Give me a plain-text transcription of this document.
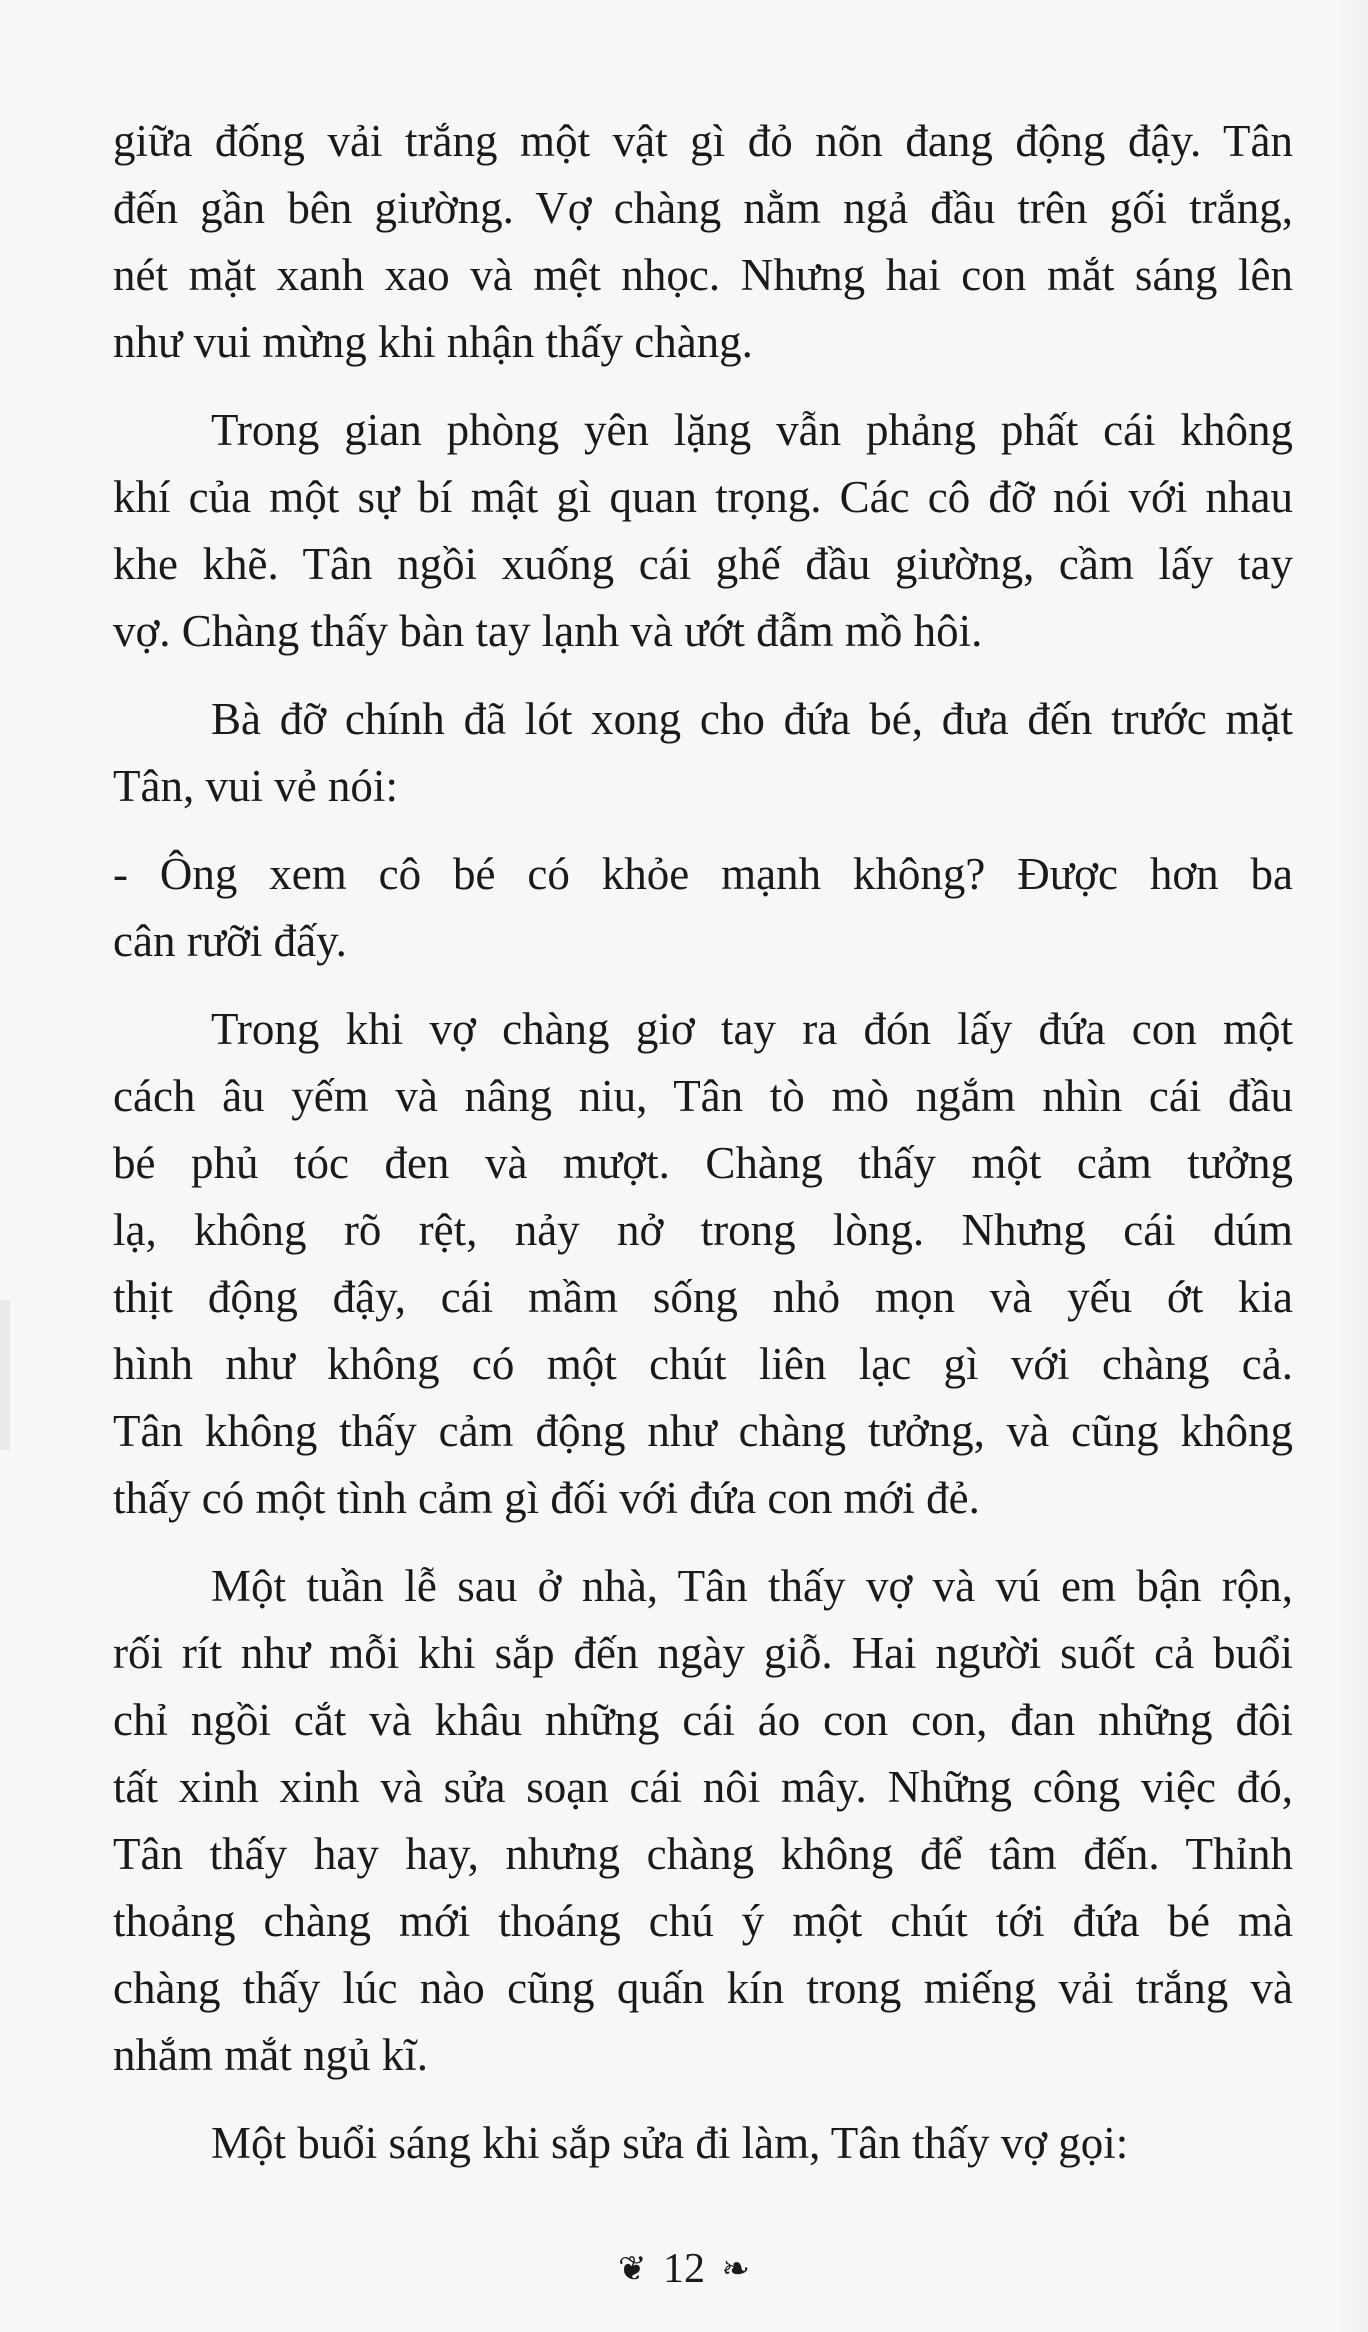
giữa đống vải trắng một vật gì đỏ nõn đang động đậy. Tân
đến gần bên giường. Vợ chàng nằm ngả đầu trên gối trắng,
nét mặt xanh xao và mệt nhọc. Nhưng hai con mắt sáng lên
như vui mừng khi nhận thấy chàng.
Trong gian phòng yên lặng vẫn phảng phất cái không
khí của một sự bí mật gì quan trọng. Các cô đỡ nói với nhau
khe khẽ. Tân ngồi xuống cái ghế đầu giường, cầm lấy tay
vợ. Chàng thấy bàn tay lạnh và ướt đẫm mồ hôi.
Bà đỡ chính đã lót xong cho đứa bé, đưa đến trước mặt
Tân, vui vẻ nói:
- Ông xem cô bé có khỏe mạnh không? Được hơn ba
cân rưỡi đấy.
Trong khi vợ chàng giơ tay ra đón lấy đứa con một
cách âu yếm và nâng niu, Tân tò mò ngắm nhìn cái đầu
bé phủ tóc đen và mượt. Chàng thấy một cảm tưởng
lạ, không rõ rệt, nảy nở trong lòng. Nhưng cái dúm
thịt động đậy, cái mầm sống nhỏ mọn và yếu ớt kia
hình như không có một chút liên lạc gì với chàng cả.
Tân không thấy cảm động như chàng tưởng, và cũng không
thấy có một tình cảm gì đối với đứa con mới đẻ.
Một tuần lễ sau ở nhà, Tân thấy vợ và vú em bận rộn,
rối rít như mỗi khi sắp đến ngày giỗ. Hai người suốt cả buổi
chỉ ngồi cắt và khâu những cái áo con con, đan những đôi
tất xinh xinh và sửa soạn cái nôi mây. Những công việc đó,
Tân thấy hay hay, nhưng chàng không để tâm đến. Thỉnh
thoảng chàng mới thoáng chú ý một chút tới đứa bé mà
chàng thấy lúc nào cũng quấn kín trong miếng vải trắng và
nhắm mắt ngủ kĩ.
Một buổi sáng khi sắp sửa đi làm, Tân thấy vợ gọi:
❦ 12 ❧
